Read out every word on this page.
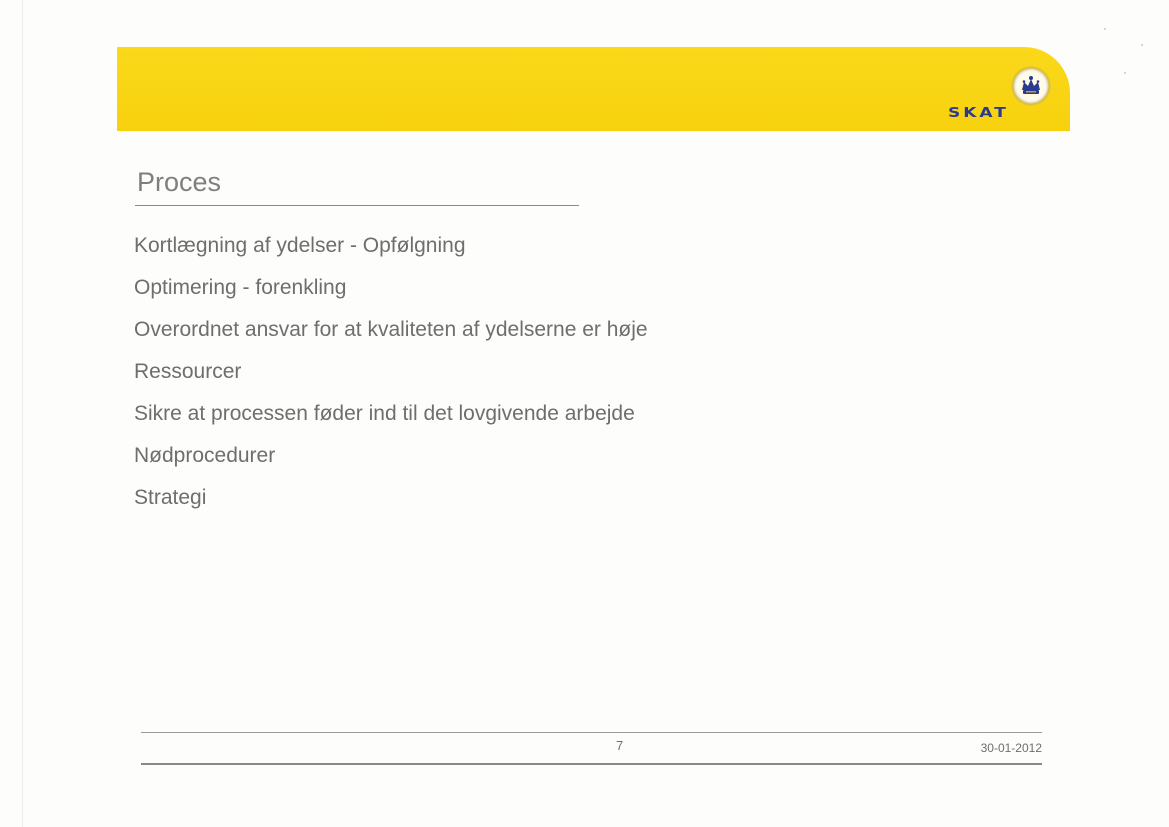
SKAT
Proces
Kortlægning af ydelser - Opfølgning
Optimering - forenkling
Overordnet ansvar for at kvaliteten af ydelserne er høje
Ressourcer
Sikre at processen føder ind til det lovgivende arbejde
Nødprocedurer
Strategi
7	30-01-2012
